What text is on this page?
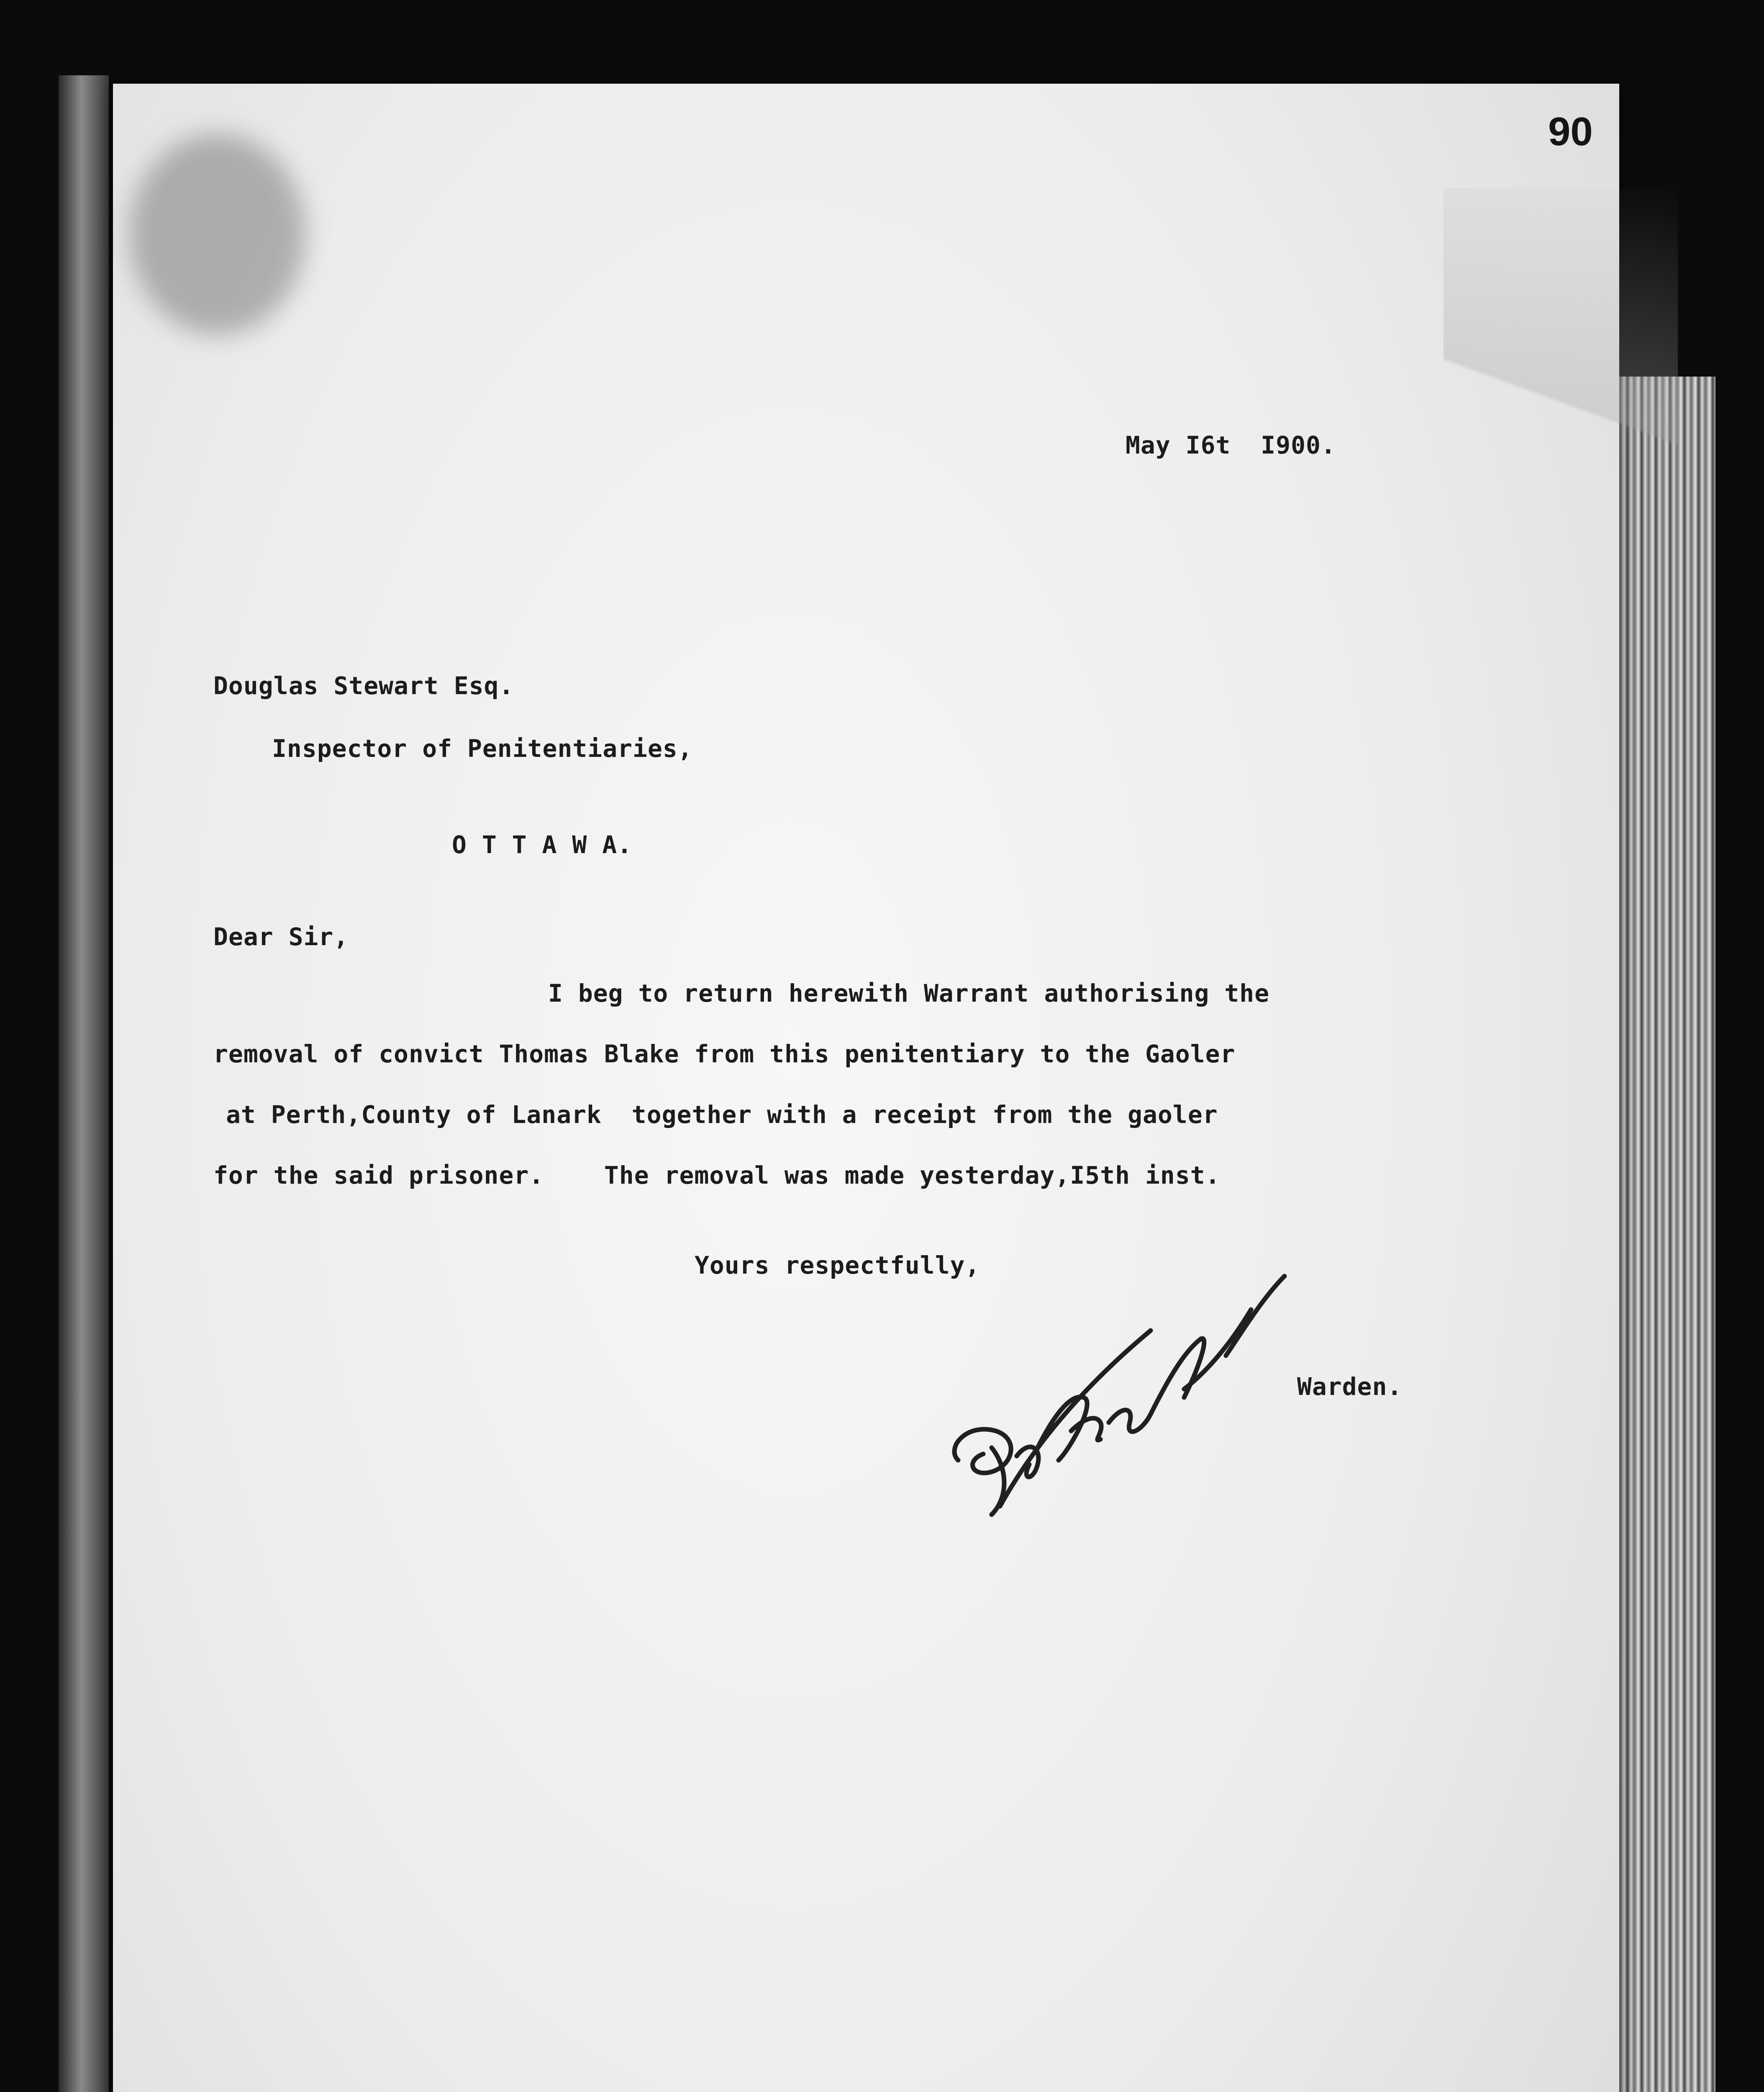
90
May I6t  I900.
Douglas Stewart Esq.
Inspector of Penitentiaries,
O T T A W A.
Dear Sir,
I beg to return herewith Warrant authorising the
removal of convict Thomas Blake from this penitentiary to the Gaoler
at Perth,County of Lanark  together with a receipt from the gaoler
for the said prisoner.    The removal was made yesterday,I5th inst.
Yours respectfully,
Warden.
